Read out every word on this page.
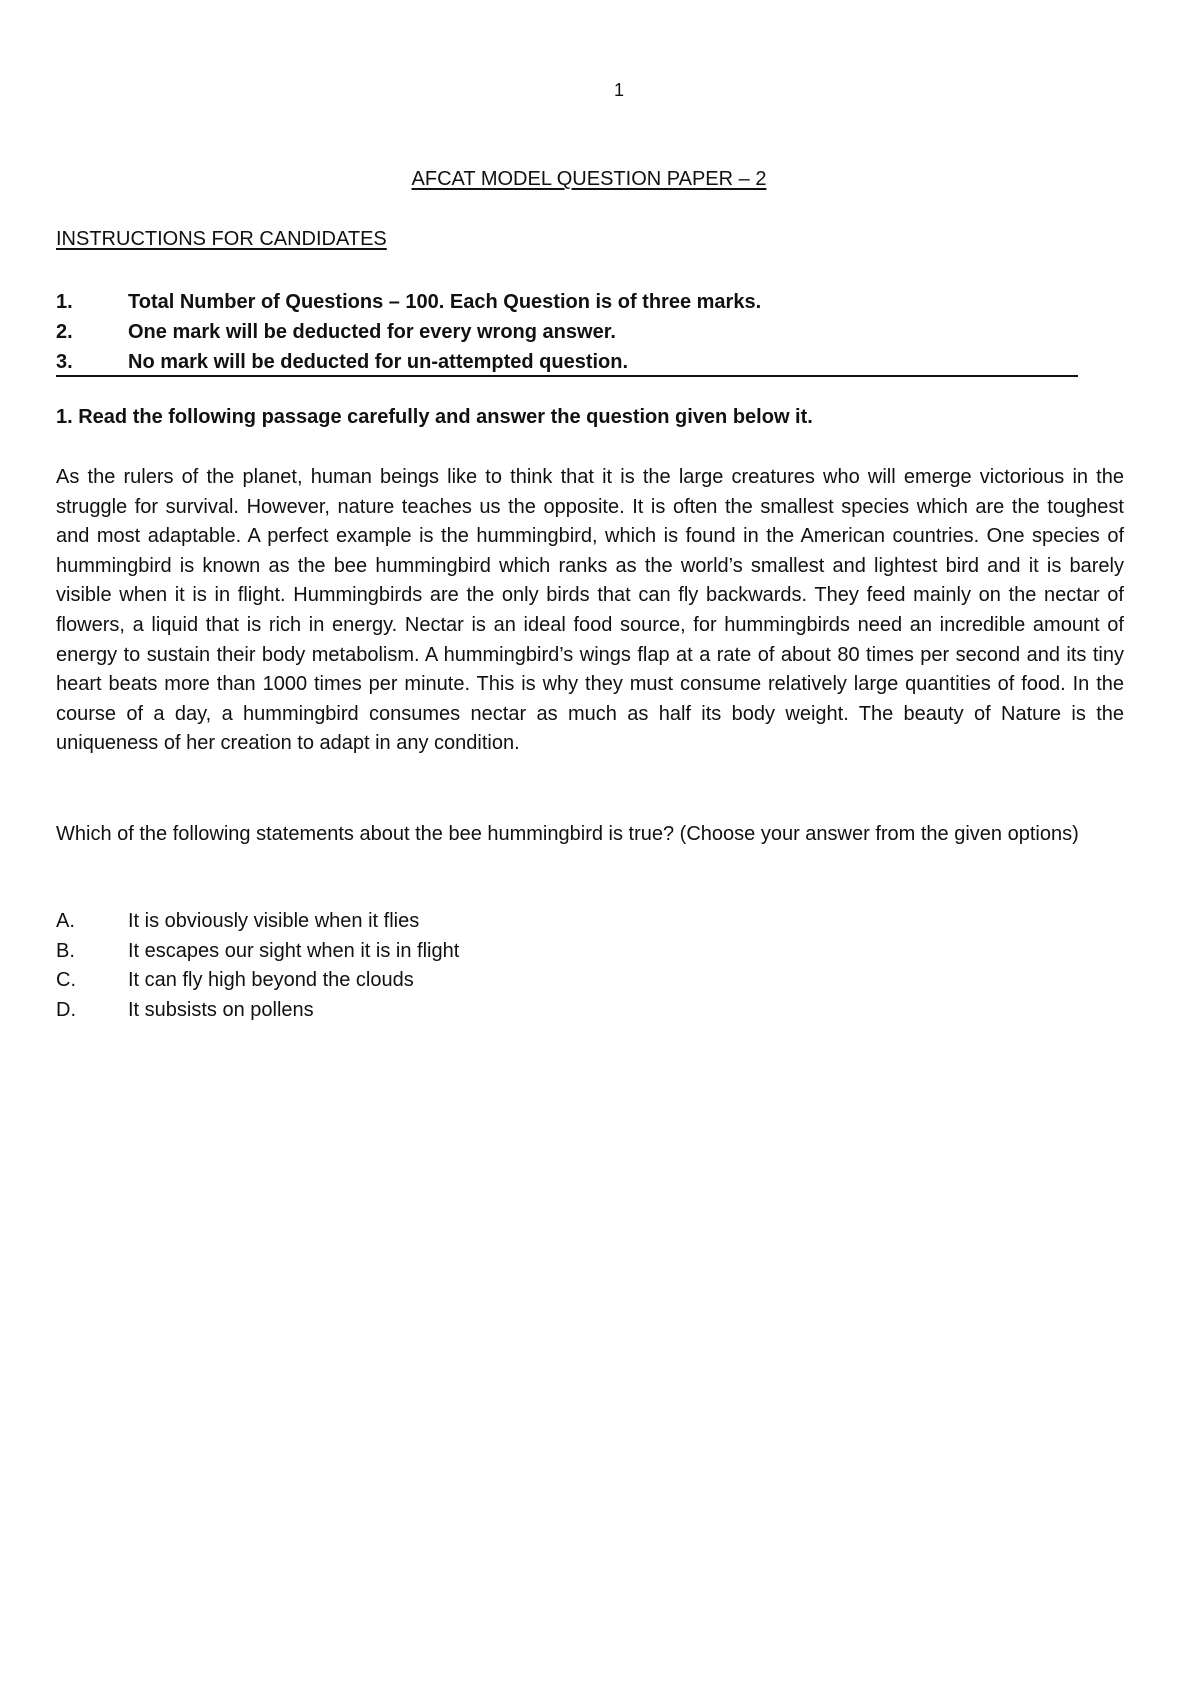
1
AFCAT MODEL QUESTION PAPER – 2
INSTRUCTIONS FOR CANDIDATES
1.	Total Number of Questions – 100. Each Question is of three marks.
2.	One mark will be deducted for every wrong answer.
3.	No mark will be deducted for un-attempted question.
1. Read the following passage carefully and answer the question given below it.

As the rulers of the planet, human beings like to think that it is the large creatures who will emerge victorious in the struggle for survival. However, nature teaches us the opposite. It is often the smallest species which are the toughest and most adaptable. A perfect example is the hummingbird, which is found in the American countries. One species of hummingbird is known as the bee hummingbird which ranks as the world’s smallest and lightest bird and it is barely visible when it is in flight. Hummingbirds are the only birds that can fly backwards. They feed mainly on the nectar of flowers, a liquid that is rich in energy. Nectar is an ideal food source, for hummingbirds need an incredible amount of energy to sustain their body metabolism. A hummingbird’s wings flap at a rate of about 80 times per second and its tiny heart beats more than 1000 times per minute. This is why they must consume relatively large quantities of food. In the course of a day, a hummingbird consumes nectar as much as half its body weight. The beauty of Nature is the uniqueness of her creation to adapt in any condition.

Which of the following statements about the bee hummingbird is true? (Choose your answer from the given options)

A.	It is obviously visible when it flies
B.	It escapes our sight when it is in flight
C.	It can fly high beyond the clouds
D.	It subsists on pollens
